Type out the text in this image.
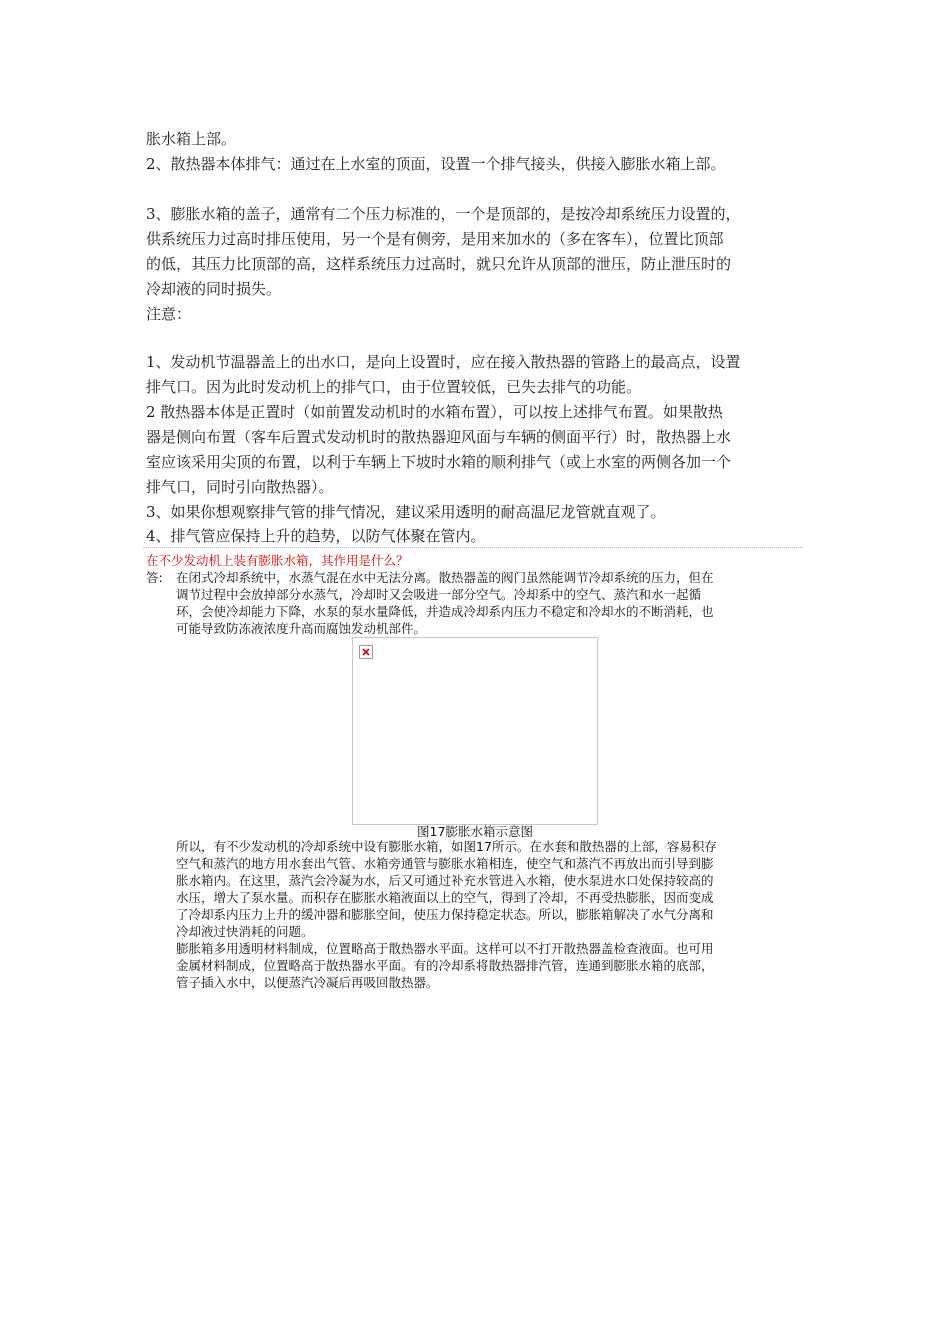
胀水箱上部。
2、散热器本体排气：通过在上水室的顶面，设置一个排气接头，供接入膨胀水箱上部。
3、膨胀水箱的盖子，通常有二个压力标准的，一个是顶部的，是按冷却系统压力设置的，
供系统压力过高时排压使用，另一个是有侧旁，是用来加水的（多在客车），位置比顶部
的低，其压力比顶部的高，这样系统压力过高时，就只允许从顶部的泄压，防止泄压时的
冷却液的同时损失。
注意：
1、发动机节温器盖上的出水口，是向上设置时，应在接入散热器的管路上的最高点，设置
排气口。因为此时发动机上的排气口，由于位置较低，已失去排气的功能。
2 散热器本体是正置时（如前置发动机时的水箱布置），可以按上述排气布置。如果散热
器是侧向布置（客车后置式发动机时的散热器迎风面与车辆的侧面平行）时，散热器上水
室应该采用尖顶的布置，以利于车辆上下坡时水箱的顺利排气（或上水室的两侧各加一个
排气口，同时引向散热器）。
3、如果你想观察排气管的排气情况，建议采用透明的耐高温尼龙管就直观了。
4、排气管应保持上升的趋势，以防气体聚在管内。
在不少发动机上装有膨胀水箱，其作用是什么？
答: 在闭式冷却系统中，水蒸气混在水中无法分离。散热器盖的阀门虽然能调节冷却系统的压力，但在
调节过程中会放掉部分水蒸气，冷却时又会吸进一部分空气。冷却系中的空气、蒸汽和水一起循
环，会使冷却能力下降，水泵的泵水量降低，并造成冷却系内压力不稳定和冷却水的不断消耗，也
可能导致防冻液浓度升高而腐蚀发动机部件。
图17膨胀水箱示意图
所以，有不少发动机的冷却系统中设有膨胀水箱，如图17所示。在水套和散热器的上部，容易积存
空气和蒸汽的地方用水套出气管、水箱旁通管与膨胀水箱相连，使空气和蒸汽不再放出而引导到膨
胀水箱内。在这里，蒸汽会冷凝为水，后又可通过补充水管进入水箱，使水泵进水口处保持较高的
水压，增大了泵水量。而积存在膨胀水箱液面以上的空气，得到了冷却，不再受热膨胀，因而变成
了冷却系内压力上升的缓冲器和膨胀空间，使压力保持稳定状态。所以，膨胀箱解决了水气分离和
冷却液过快消耗的问题。
膨胀箱多用透明材料制成，位置略高于散热器水平面。这样可以不打开散热器盖检查液面。也可用
金属材料制成，位置略高于散热器水平面。有的冷却系将散热器排汽管，连通到膨胀水箱的底部，
管子插入水中，以便蒸汽冷凝后再吸回散热器。
